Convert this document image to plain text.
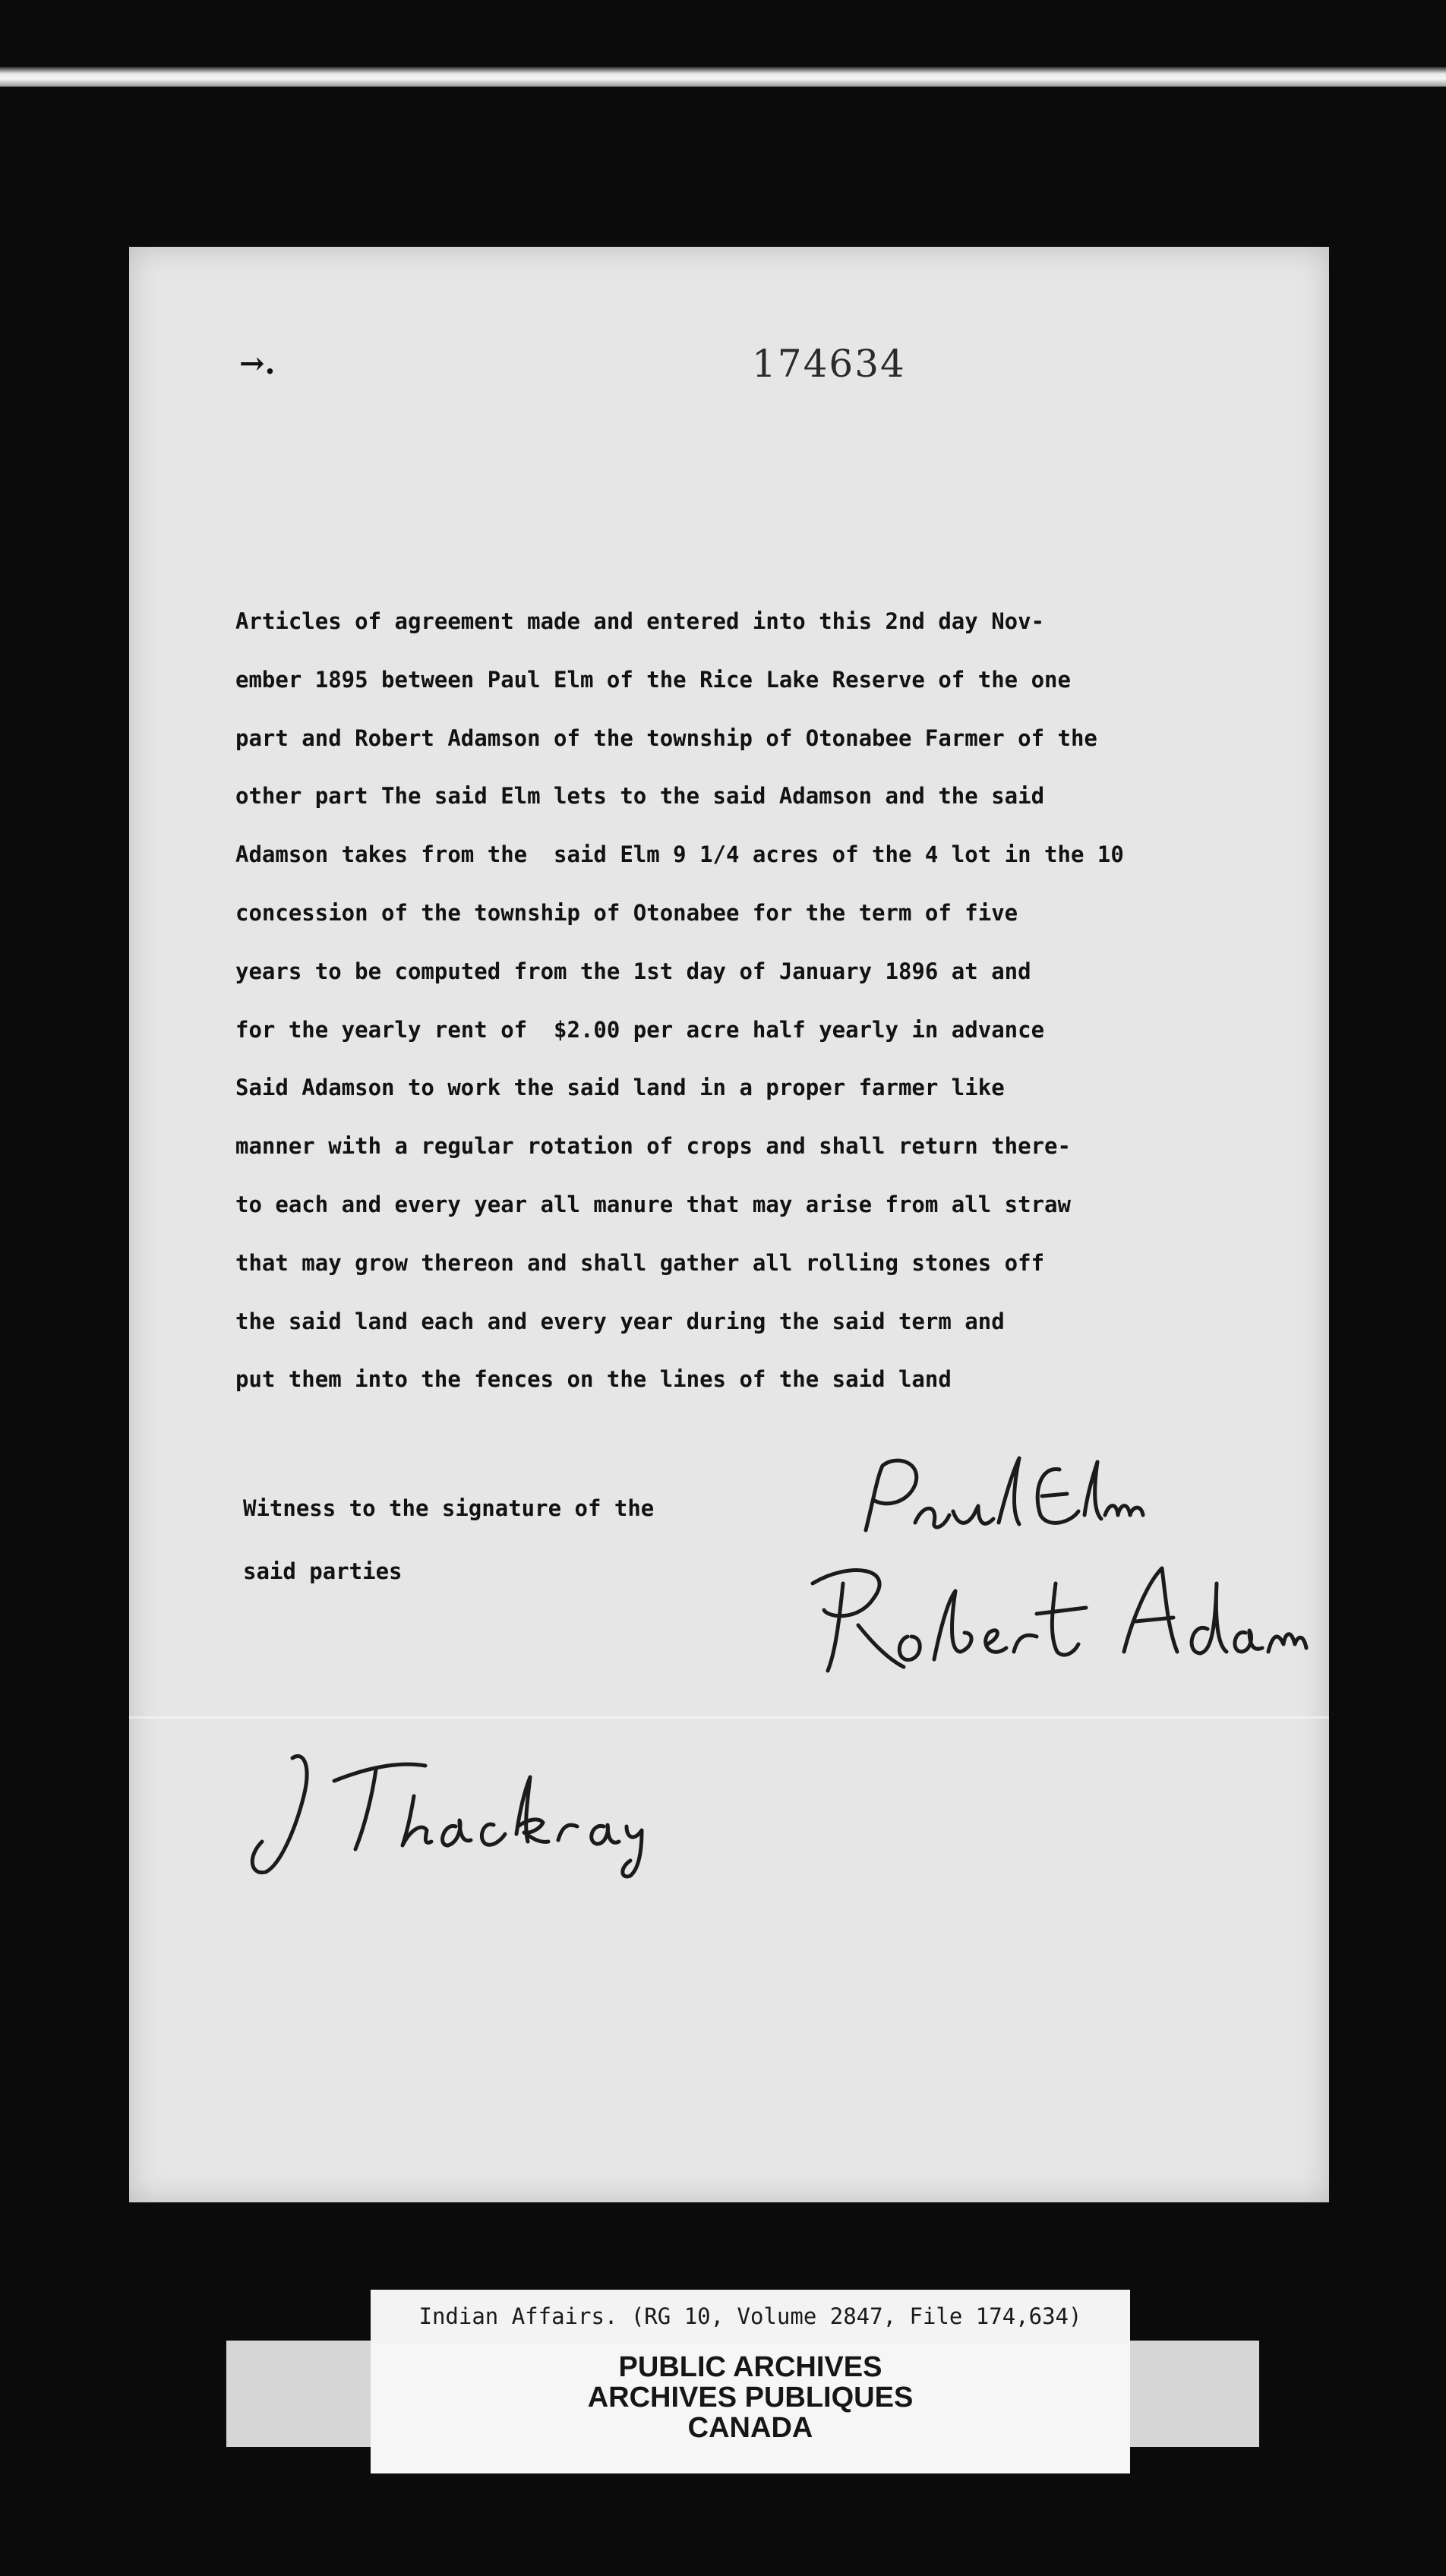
→.	174634
Articles of agreement made and entered into this 2nd day Nov-
ember 1895 between Paul Elm of the Rice Lake Reserve of the one
part and Robert Adamson of the township of Otonabee Farmer of the
other part The said Elm lets to the said Adamson and the said
Adamson takes from the  said Elm 9 1/4 acres of the 4 lot in the 10
concession of the township of Otonabee for the term of five
years to be computed from the 1st day of January 1896 at and
for the yearly rent of  $2.00 per acre half yearly in advance
Said Adamson to work the said land in a proper farmer like
manner with a regular rotation of crops and shall return there-
to each and every year all manure that may arise from all straw
that may grow thereon and shall gather all rolling stones off
the said land each and every year during the said term and
put them into the fences on the lines of the said land
Witness to the signature of the
said parties
Indian Affairs. (RG 10, Volume 2847, File 174,634)
PUBLIC ARCHIVES
ARCHIVES PUBLIQUES
CANADA
